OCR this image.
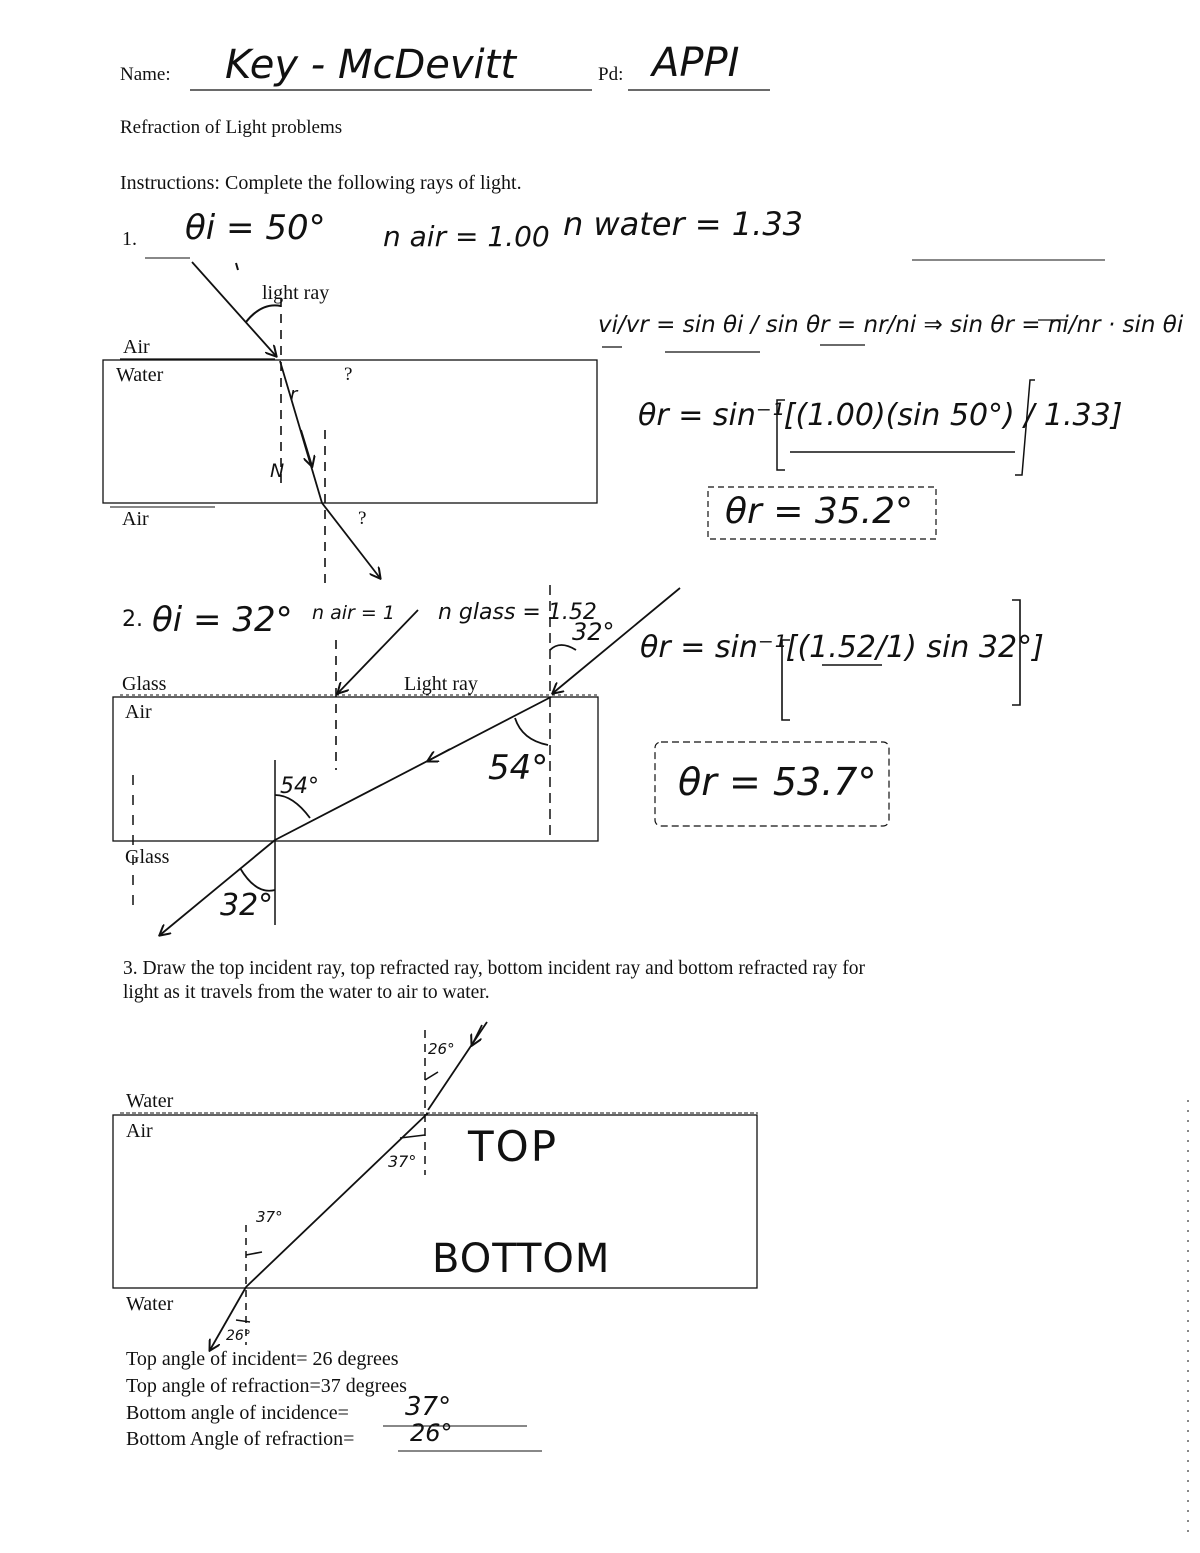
Name: Key - McDevitt	Pd: APPI
Refraction of Light problems
Instructions: Complete the following rays of light.
1. θi = 50° n air = 1.00 n water = 1.33
light ray
Air
Water
Air
?
?
N
r
vi/vr = sin θi / sin θr = nr/ni ⇒ sin θr = ni/nr · sin θi
θr = sin⁻¹[(1.00)(sin 50°) / 1.33]
θr = 35.2°
2. θi = 32° n air = 1 n glass = 1.52
32°
54°
54°
32°
Glass
Air
Glass
Light ray
θr = sin⁻¹[(1.52/1) sin 32°]
θr = 53.7°
3. Draw the top incident ray, top refracted ray, bottom incident ray and bottom refracted ray for
light as it travels from the water to air to water.
Water
Air
Water
26°
37°
37°
26°
TOP
BOTTOM
Top angle of incident= 26 degrees
Top angle of refraction=37 degrees
Bottom angle of incidence= 37°
Bottom Angle of refraction= 26°
